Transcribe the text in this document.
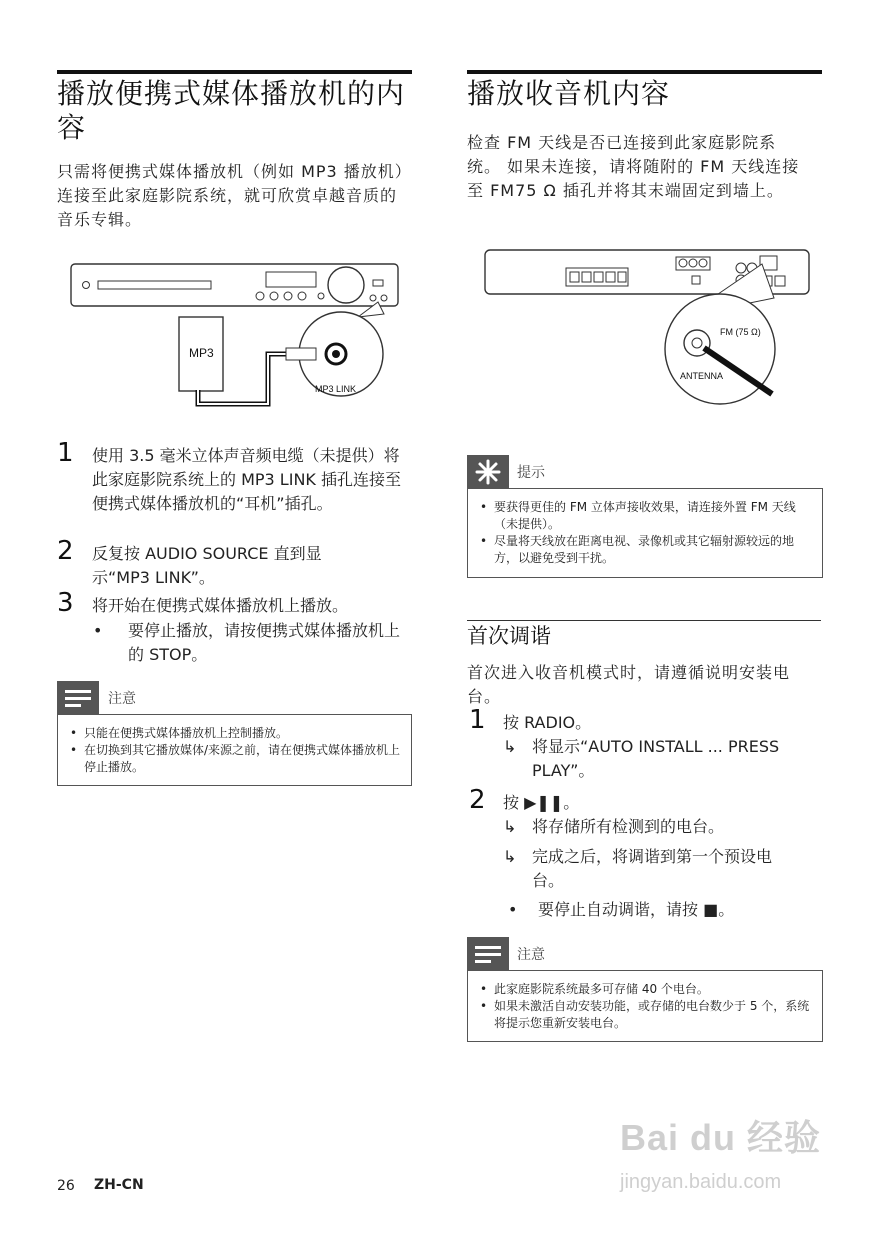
播放便携式媒体播放机的内容
只需将便携式媒体播放机（例如 MP3 播放机）连接至此家庭影院系统，就可欣赏卓越音质的音乐专辑。
MP3
MP3 LINK
1 使用 3.5 毫米立体声音频电缆（未提供）将此家庭影院系统上的 MP3 LINK 插孔连接至便携式媒体播放机的“耳机”插孔。
2 反复按 AUDIO SOURCE 直到显示“MP3 LINK”。
3 将开始在便携式媒体播放机上播放。
• 要停止播放，请按便携式媒体播放机上的 STOP。
注意
• 只能在便携式媒体播放机上控制播放。
• 在切换到其它播放媒体/来源之前，请在便携式媒体播放机上停止播放。
播放收音机内容
检查 FM 天线是否已连接到此家庭影院系统。 如果未连接，请将随附的 FM 天线连接至 FM75 Ω 插孔并将其末端固定到墙上。
FM (75 Ω)
ANTENNA
提示
• 要获得更佳的 FM 立体声接收效果，请连接外置 FM 天线（未提供）。
• 尽量将天线放在距离电视、录像机或其它辐射源较远的地方，以避免受到干扰。
首次调谐
首次进入收音机模式时，请遵循说明安装电台。
1 按 RADIO。
↳ 将显示“AUTO INSTALL ... PRESS PLAY”。
2 按 ▶❚❚。
↳ 将存储所有检测到的电台。
↳ 完成之后，将调谐到第一个预设电台。
• 要停止自动调谐，请按 ■。
注意
• 此家庭影院系统最多可存储 40 个电台。
• 如果未激活自动安装功能，或存储的电台数少于 5 个，系统将提示您重新安装电台。
Bai du 经验
jingyan.baidu.com
26 ZH-CN
